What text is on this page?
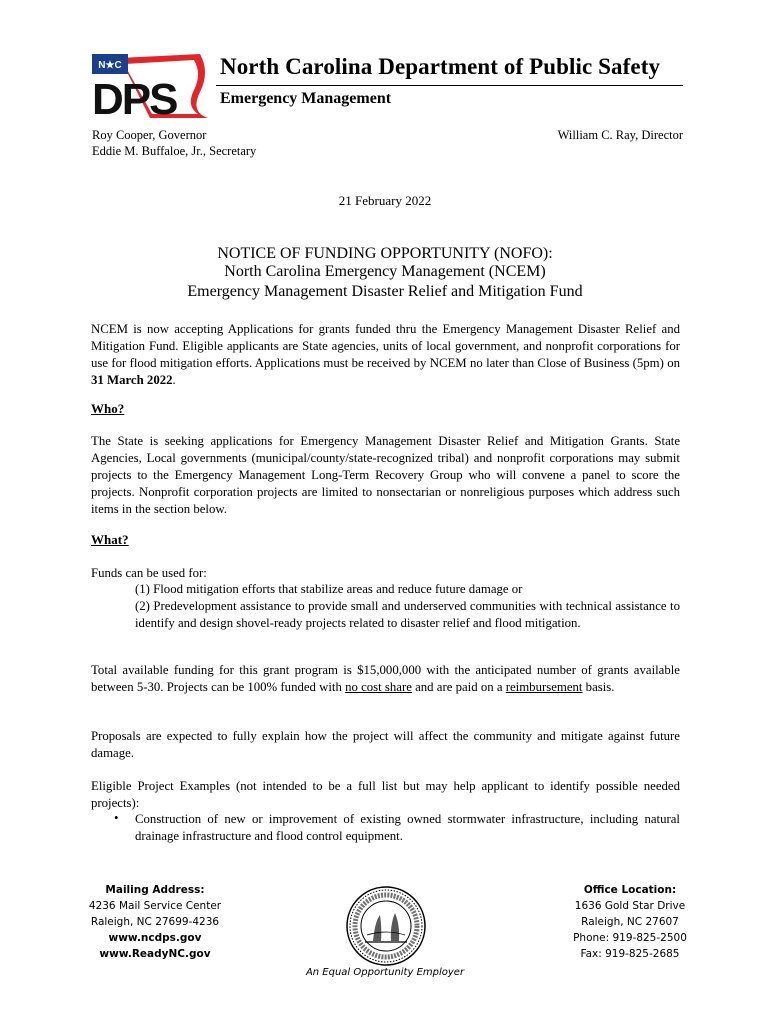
N★C
DPS
North Carolina Department of Public Safety
Emergency Management
Roy Cooper, Governor
Eddie M. Buffaloe, Jr., Secretary
William C. Ray, Director
21 February 2022
NOTICE OF FUNDING OPPORTUNITY (NOFO):
North Carolina Emergency Management (NCEM)
Emergency Management Disaster Relief and Mitigation Fund
NCEM is now accepting Applications for grants funded thru the Emergency Management Disaster Relief and Mitigation Fund. Eligible applicants are State agencies, units of local government, and nonprofit corporations for use for flood mitigation efforts. Applications must be received by NCEM no later than Close of Business (5pm) on 31 March 2022.
Who?
The State is seeking applications for Emergency Management Disaster Relief and Mitigation Grants. State Agencies, Local governments (municipal/county/state-recognized tribal) and nonprofit corporations may submit projects to the Emergency Management Long-Term Recovery Group who will convene a panel to score the projects. Nonprofit corporation projects are limited to nonsectarian or nonreligious purposes which address such items in the section below.
What?
Funds can be used for:
(1) Flood mitigation efforts that stabilize areas and reduce future damage or
(2) Predevelopment assistance to provide small and underserved communities with technical assistance to identify and design shovel-ready projects related to disaster relief and flood mitigation.
Total available funding for this grant program is $15,000,000 with the anticipated number of grants available between 5-30. Projects can be 100% funded with no cost share and are paid on a reimbursement basis.
Proposals are expected to fully explain how the project will affect the community and mitigate against future damage.
Eligible Project Examples (not intended to be a full list but may help applicant to identify possible needed projects):
• Construction of new or improvement of existing owned stormwater infrastructure, including natural drainage infrastructure and flood control equipment.
Mailing Address:
4236 Mail Service Center
Raleigh, NC 27699-4236
www.ncdps.gov
www.ReadyNC.gov
Office Location:
1636 Gold Star Drive
Raleigh, NC 27607
Phone: 919-825-2500
Fax: 919-825-2685
An Equal Opportunity Employer
